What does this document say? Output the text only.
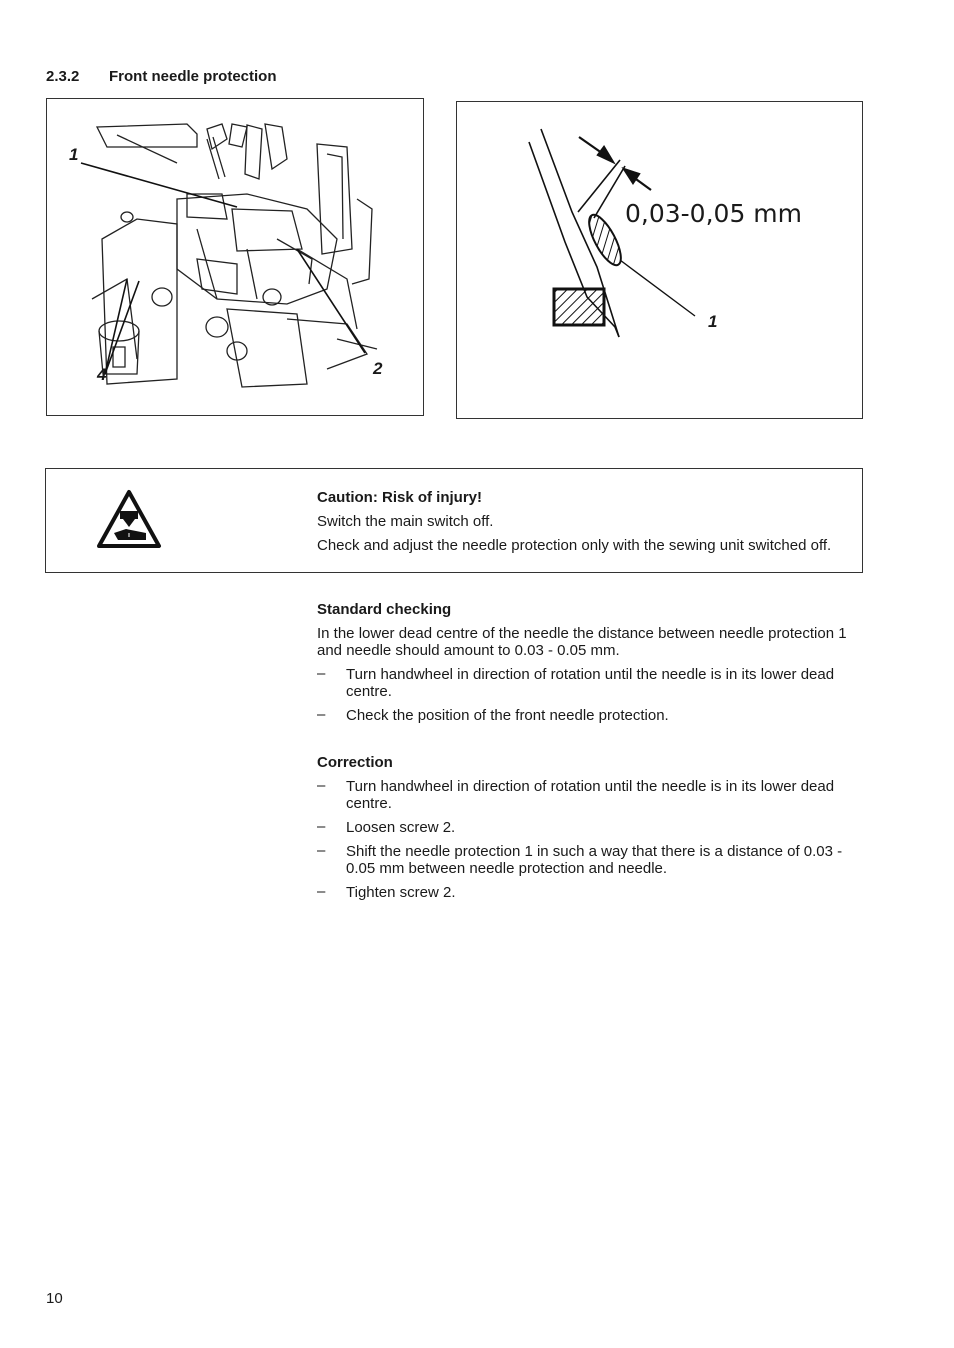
2.3.2 Front needle protection
1
4	2
0,03-0,05 mm
1

Caution: Risk of injury!

Switch the main switch off.

Check and adjust the needle protection only with the sewing unit switched off.

Standard checking

In the lower dead centre of the needle the distance between needle protection 1 and needle should amount to 0.03 - 0.05 mm.

– Turn handwheel in direction of rotation until the needle is in its lower dead centre.
– Check the position of the front needle protection.

Correction

– Turn handwheel in direction of rotation until the needle is in its lower dead centre.
– Loosen screw 2.
– Shift the needle protection 1 in such a way that there is a distance of 0.03 - 0.05 mm between needle protection and needle.
– Tighten screw 2.
10
